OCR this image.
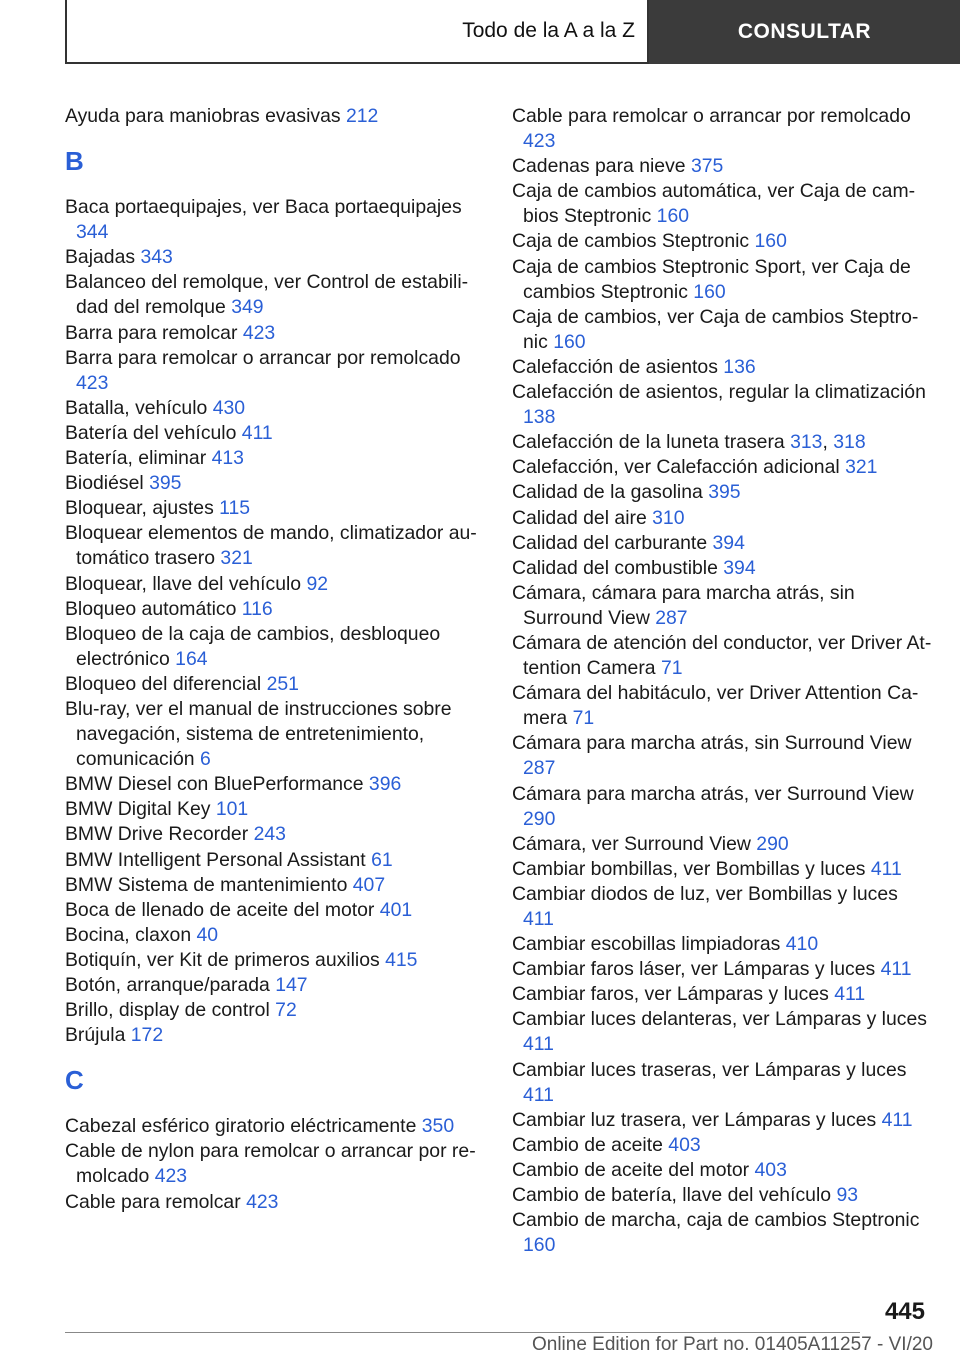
Todo de la A a la Z	CONSULTAR
Ayuda para maniobras evasivas 212
B
Baca portaequipajes, ver Baca portaequipajes 344
Bajadas 343
Balanceo del remolque, ver Control de estabilidad del remolque 349
Barra para remolcar 423
Barra para remolcar o arrancar por remolcado 423
Batalla, vehículo 430
Batería del vehículo 411
Batería, eliminar 413
Biodiésel 395
Bloquear, ajustes 115
Bloquear elementos de mando, climatizador automático trasero 321
Bloquear, llave del vehículo 92
Bloqueo automático 116
Bloqueo de la caja de cambios, desbloqueo electrónico 164
Bloqueo del diferencial 251
Blu-ray, ver el manual de instrucciones sobre navegación, sistema de entretenimiento, comunicación 6
BMW Diesel con BluePerformance 396
BMW Digital Key 101
BMW Drive Recorder 243
BMW Intelligent Personal Assistant 61
BMW Sistema de mantenimiento 407
Boca de llenado de aceite del motor 401
Bocina, claxon 40
Botiquín, ver Kit de primeros auxilios 415
Botón, arranque/parada 147
Brillo, display de control 72
Brújula 172
C
Cabezal esférico giratorio eléctricamente 350
Cable de nylon para remolcar o arrancar por remolcado 423
Cable para remolcar 423
Cable para remolcar o arrancar por remolcado 423
Cadenas para nieve 375
Caja de cambios automática, ver Caja de cambios Steptronic 160
Caja de cambios Steptronic 160
Caja de cambios Steptronic Sport, ver Caja de cambios Steptronic 160
Caja de cambios, ver Caja de cambios Steptronic 160
Calefacción de asientos 136
Calefacción de asientos, regular la climatización 138
Calefacción de la luneta trasera 313, 318
Calefacción, ver Calefacción adicional 321
Calidad de la gasolina 395
Calidad del aire 310
Calidad del carburante 394
Calidad del combustible 394
Cámara, cámara para marcha atrás, sin Surround View 287
Cámara de atención del conductor, ver Driver Attention Camera 71
Cámara del habitáculo, ver Driver Attention Camera 71
Cámara para marcha atrás, sin Surround View 287
Cámara para marcha atrás, ver Surround View 290
Cámara, ver Surround View 290
Cambiar bombillas, ver Bombillas y luces 411
Cambiar diodos de luz, ver Bombillas y luces 411
Cambiar escobillas limpiadoras 410
Cambiar faros láser, ver Lámparas y luces 411
Cambiar faros, ver Lámparas y luces 411
Cambiar luces delanteras, ver Lámparas y luces 411
Cambiar luces traseras, ver Lámparas y luces 411
Cambiar luz trasera, ver Lámparas y luces 411
Cambio de aceite 403
Cambio de aceite del motor 403
Cambio de batería, llave del vehículo 93
Cambio de marcha, caja de cambios Steptronic 160
445
Online Edition for Part no. 01405A11257 - VI/20
